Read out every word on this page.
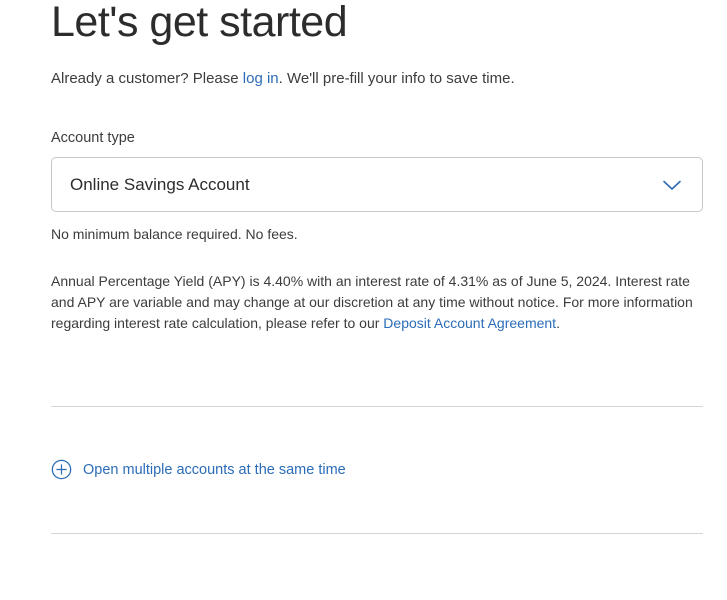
Let's get started
Already a customer? Please log in. We'll pre-fill your info to save time.
Account type
Online Savings Account
No minimum balance required. No fees.
Annual Percentage Yield (APY) is 4.40% with an interest rate of 4.31% as of June 5, 2024. Interest rate and APY are variable and may change at our discretion at any time without notice. For more information regarding interest rate calculation, please refer to our Deposit Account Agreement.
Open multiple accounts at the same time
